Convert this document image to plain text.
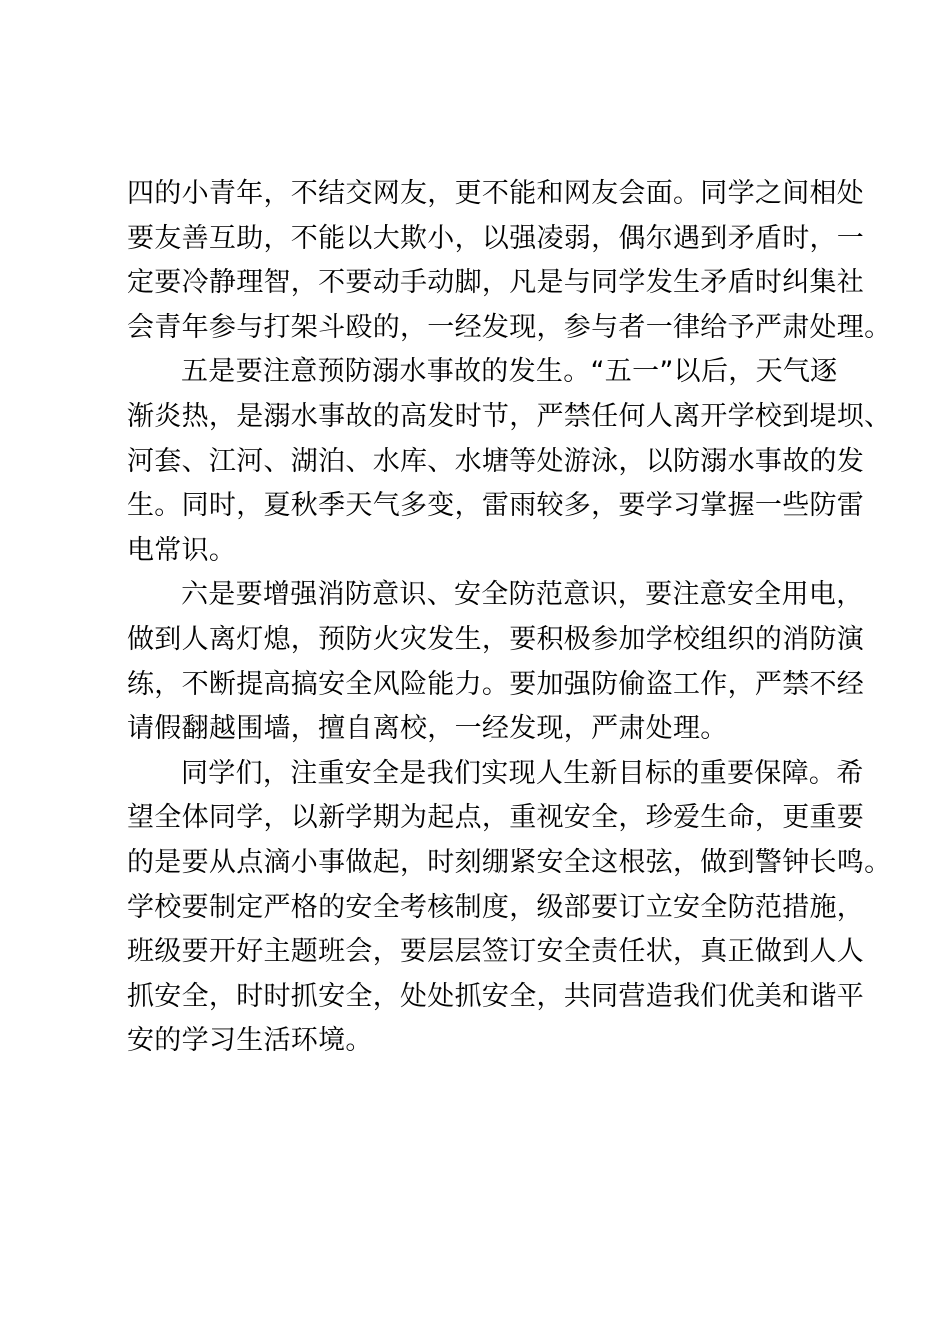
四的小青年，不结交网友，更不能和网友会面。同学之间相处
要友善互助，不能以大欺小，以强凌弱，偶尔遇到矛盾时，一
定要冷静理智，不要动手动脚，凡是与同学发生矛盾时纠集社
会青年参与打架斗殴的，一经发现，参与者一律给予严肃处理。
五是要注意预防溺水事故的发生。“五一”以后，天气逐
渐炎热，是溺水事故的高发时节，严禁任何人离开学校到堤坝、
河套、江河、湖泊、水库、水塘等处游泳，以防溺水事故的发
生。同时，夏秋季天气多变，雷雨较多，要学习掌握一些防雷
电常识。
六是要增强消防意识、安全防范意识，要注意安全用电，
做到人离灯熄，预防火灾发生，要积极参加学校组织的消防演
练，不断提高搞安全风险能力。要加强防偷盗工作，严禁不经
请假翻越围墙，擅自离校，一经发现，严肃处理。
同学们，注重安全是我们实现人生新目标的重要保障。希
望全体同学，以新学期为起点，重视安全，珍爱生命，更重要
的是要从点滴小事做起，时刻绷紧安全这根弦，做到警钟长鸣。
学校要制定严格的安全考核制度，级部要订立安全防范措施，
班级要开好主题班会，要层层签订安全责任状，真正做到人人
抓安全，时时抓安全，处处抓安全，共同营造我们优美和谐平
安的学习生活环境。
